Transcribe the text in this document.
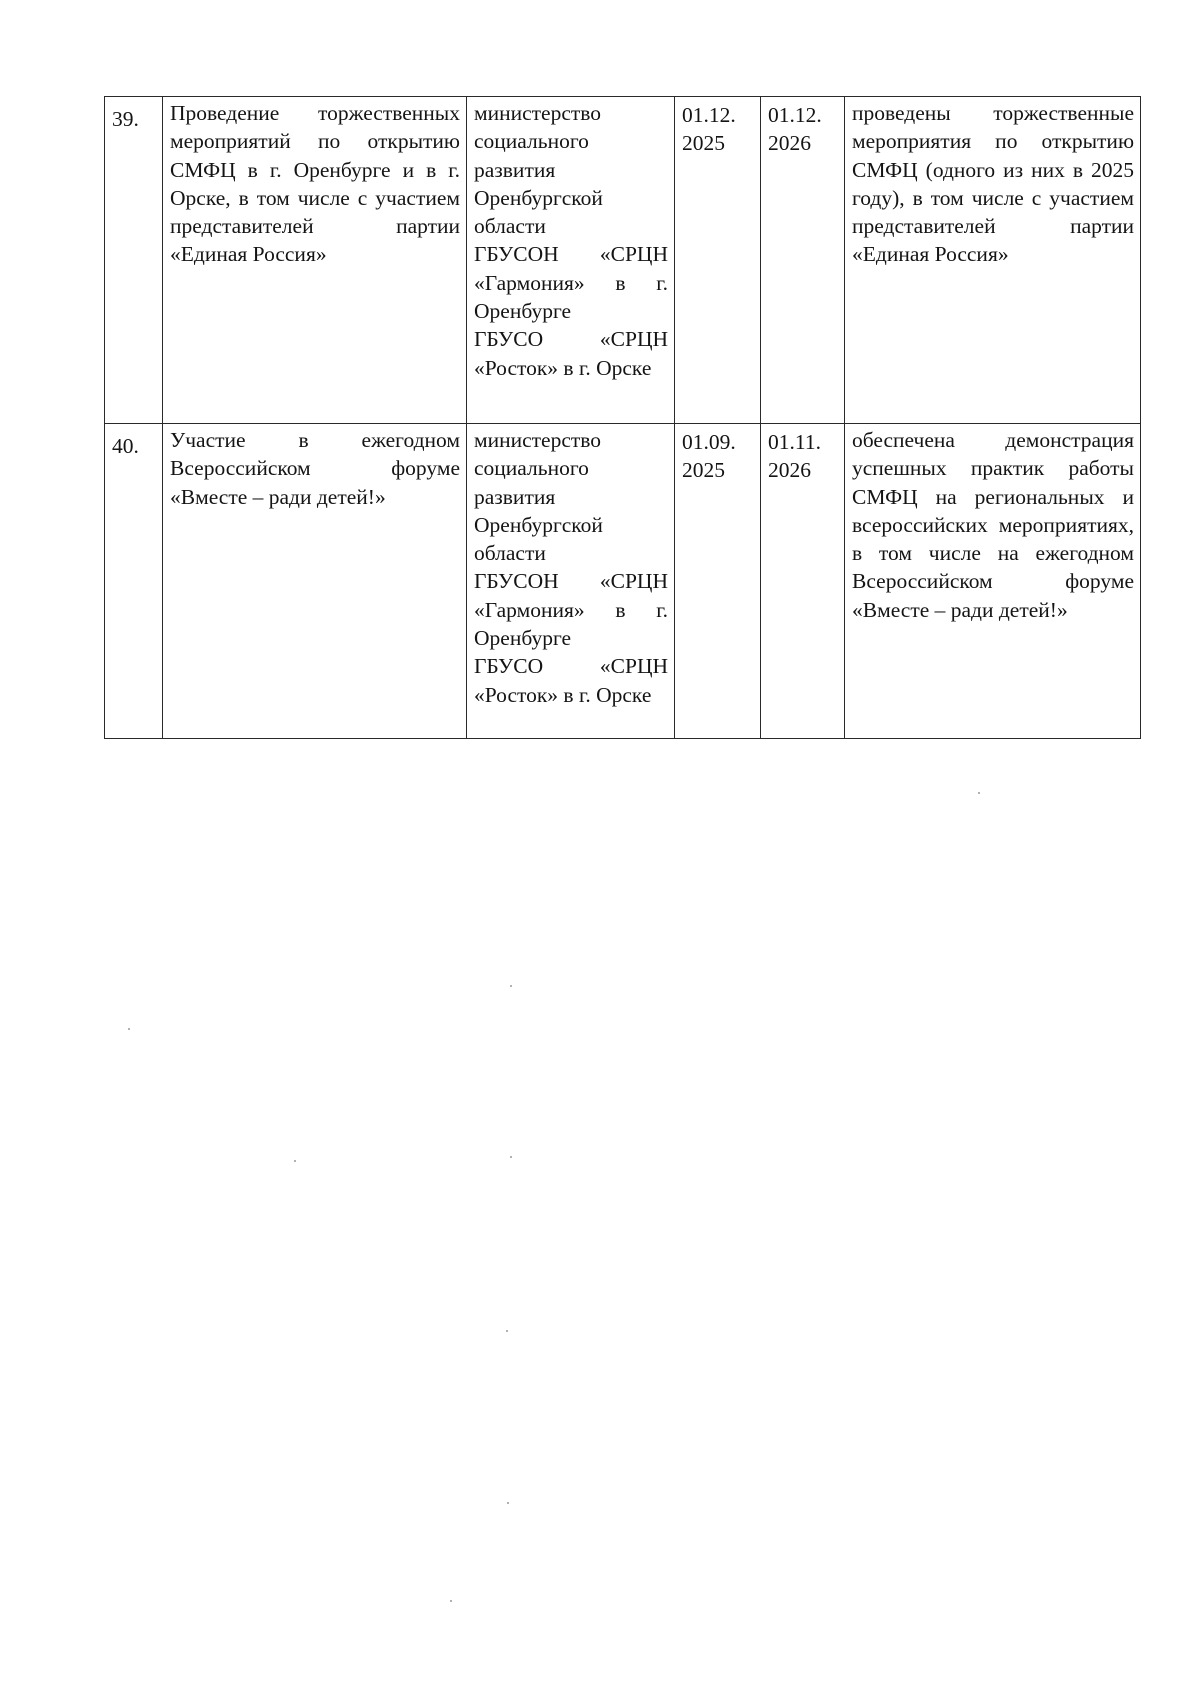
39.	Проведение торжественных мероприятий по открытию СМФЦ в г. Оренбурге и в г. Орске, в том числе с участием представителей партии «Единая Россия»	министерство социального развития Оренбургской области
ГБУСОН «СРЦН «Гармония» в г. Оренбурге
ГБУСО «СРЦН «Росток» в г. Орске	01.12. 2025	01.12. 2026	проведены торжественные мероприятия по открытию СМФЦ (одного из них в 2025 году), в том числе с участием представителей партии «Единая Россия»
40.	Участие в ежегодном Всероссийском форуме «Вместе – ради детей!»	министерство социального развития Оренбургской области
ГБУСОН «СРЦН «Гармония» в г. Оренбурге
ГБУСО «СРЦН «Росток» в г. Орске	01.09. 2025	01.11. 2026	обеспечена демонстрация успешных практик работы СМФЦ на региональных и всероссийских мероприятиях, в том числе на ежегодном Всероссийском форуме «Вместе – ради детей!»
